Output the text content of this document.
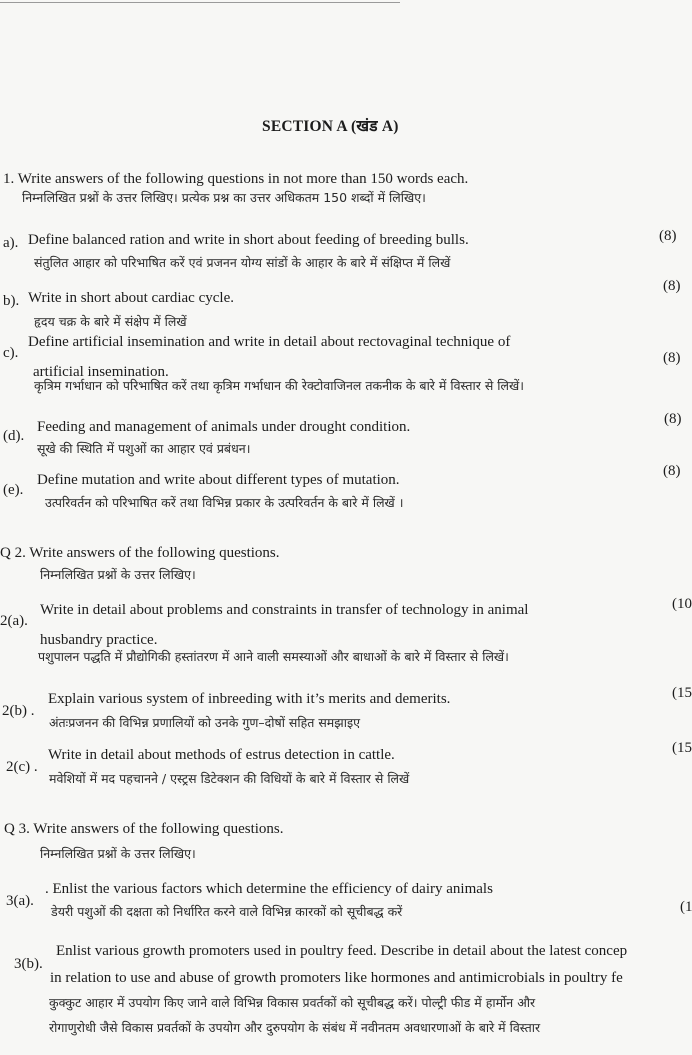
SECTION A (खंड A)
1. Write answers of the following questions in not more than 150 words each.
निम्नलिखित प्रश्नों के उत्तर लिखिए। प्रत्येक प्रश्न का उत्तर अधिकतम 150 शब्दों में लिखिए।
a). Define balanced ration and write in short about feeding of breeding bulls.
संतुलित आहार को परिभाषित करें एवं प्रजनन योग्य सांडों के आहार के बारे में संक्षिप्त में लिखें
(8)
b). Write in short about cardiac cycle.
हृदय चक्र के बारे में संक्षेप में लिखें
(8)
c).
Define artificial insemination and write in detail about rectovaginal technique of
artificial insemination.
कृत्रिम गर्भाधान को परिभाषित करें तथा कृत्रिम गर्भाधान की रेक्टोवाजिनल तकनीक के बारे में विस्तार से लिखें।
(8)
(d).
Feeding and management of animals under drought condition.
सूखे की स्थिति में पशुओं का आहार एवं प्रबंधन।
(8)
(e).
Define mutation and write about different types of mutation.
उत्परिवर्तन को परिभाषित करें तथा विभिन्न प्रकार के उत्परिवर्तन के बारे में लिखें ।
(8)
Q 2. Write answers of the following questions.
निम्नलिखित प्रश्नों के उत्तर लिखिए।
2(a).
Write in detail about problems and constraints in transfer of technology in animal
husbandry practice.
पशुपालन पद्धति में प्रौद्योगिकी हस्तांतरण में आने वाली समस्याओं और बाधाओं के बारे में विस्तार से लिखें।
(10
2(b) .
Explain various system of inbreeding with it’s merits and demerits.
अंतःप्रजनन की विभिन्न प्रणालियों को उनके गुण–दोषों सहित समझाइए
(15
2(c) .
Write in detail about methods of estrus detection in cattle.
मवेशियों में मद पहचानने / एस्ट्रस डिटेक्शन की विधियों के बारे में विस्तार से लिखें
(15
Q 3. Write answers of the following questions.
निम्नलिखित प्रश्नों के उत्तर लिखिए।
3(a).
. Enlist the various factors which determine the efficiency of dairy animals
डेयरी पशुओं की दक्षता को निर्धारित करने वाले विभिन्न कारकों को सूचीबद्ध करें	(1
3(b).
Enlist various growth promoters used in poultry feed. Describe in detail about the latest concep
in relation to use and abuse of growth promoters like hormones and antimicrobials in poultry fe
कुक्कुट आहार में उपयोग किए जाने वाले विभिन्न विकास प्रवर्तकों को सूचीबद्ध करें। पोल्ट्री फीड में हार्मोन और
रोगाणुरोधी जैसे विकास प्रवर्तकों के उपयोग और दुरुपयोग के संबंध में नवीनतम अवधारणाओं के बारे में विस्तार
